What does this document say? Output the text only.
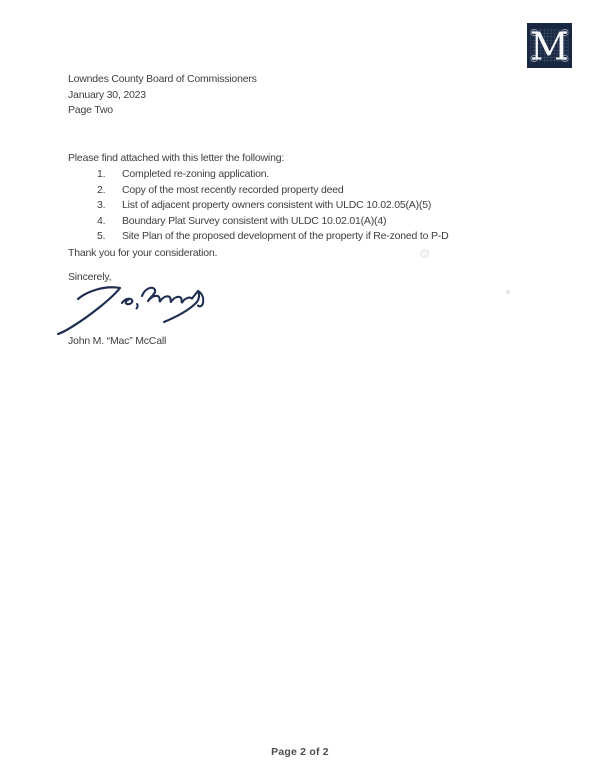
M
Lowndes County Board of Commissioners
January 30, 2023
Page Two
Please find attached with this letter the following:
1.	Completed re-zoning application.
2.	Copy of the most recently recorded property deed
3.	List of adjacent property owners consistent with ULDC 10.02.05(A)(5)
4.	Boundary Plat Survey consistent with ULDC 10.02.01(A)(4)
5.	Site Plan of the proposed development of the property if Re-zoned to P-D
Thank you for your consideration.
Sincerely,
John M. “Mac” McCall
Page 2 of 2
